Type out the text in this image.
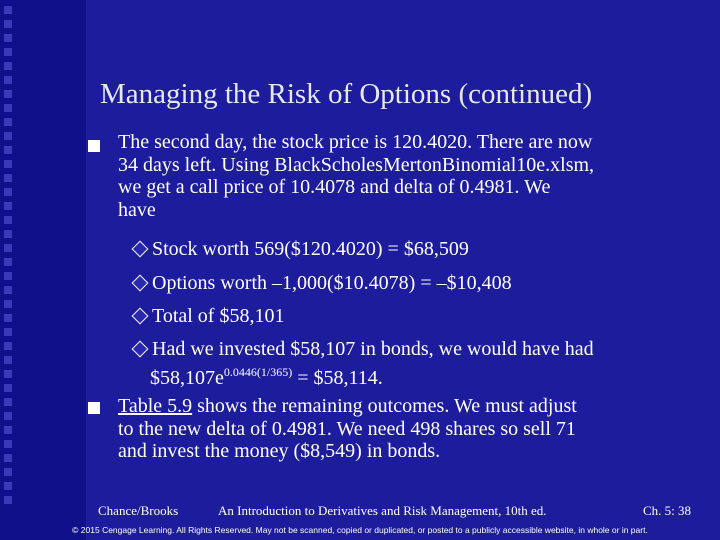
Managing the Risk of Options (continued)
The second day, the stock price is 120.4020. There are now
34 days left. Using BlackScholesMertonBinomial10e.xlsm,
we get a call price of 10.4078 and delta of 0.4981. We
have
Stock worth 569($120.4020) = $68,509
Options worth –1,000($10.4078) = –$10,408
Total of $58,101
Had we invested $58,107 in bonds, we would have had
$\$58,107e^{0.0446(1/365)}$ = $58,114.
Table 5.9 shows the remaining outcomes. We must adjust
to the new delta of 0.4981. We need 498 shares so sell 71
and invest the money ($8,549) in bonds.
Chance/Brooks	An Introduction to Derivatives and Risk Management, 10th ed.	Ch. 5: 38
© 2015 Cengage Learning. All Rights Reserved. May not be scanned, copied or duplicated, or posted to a publicly accessible website, in whole or in part.
